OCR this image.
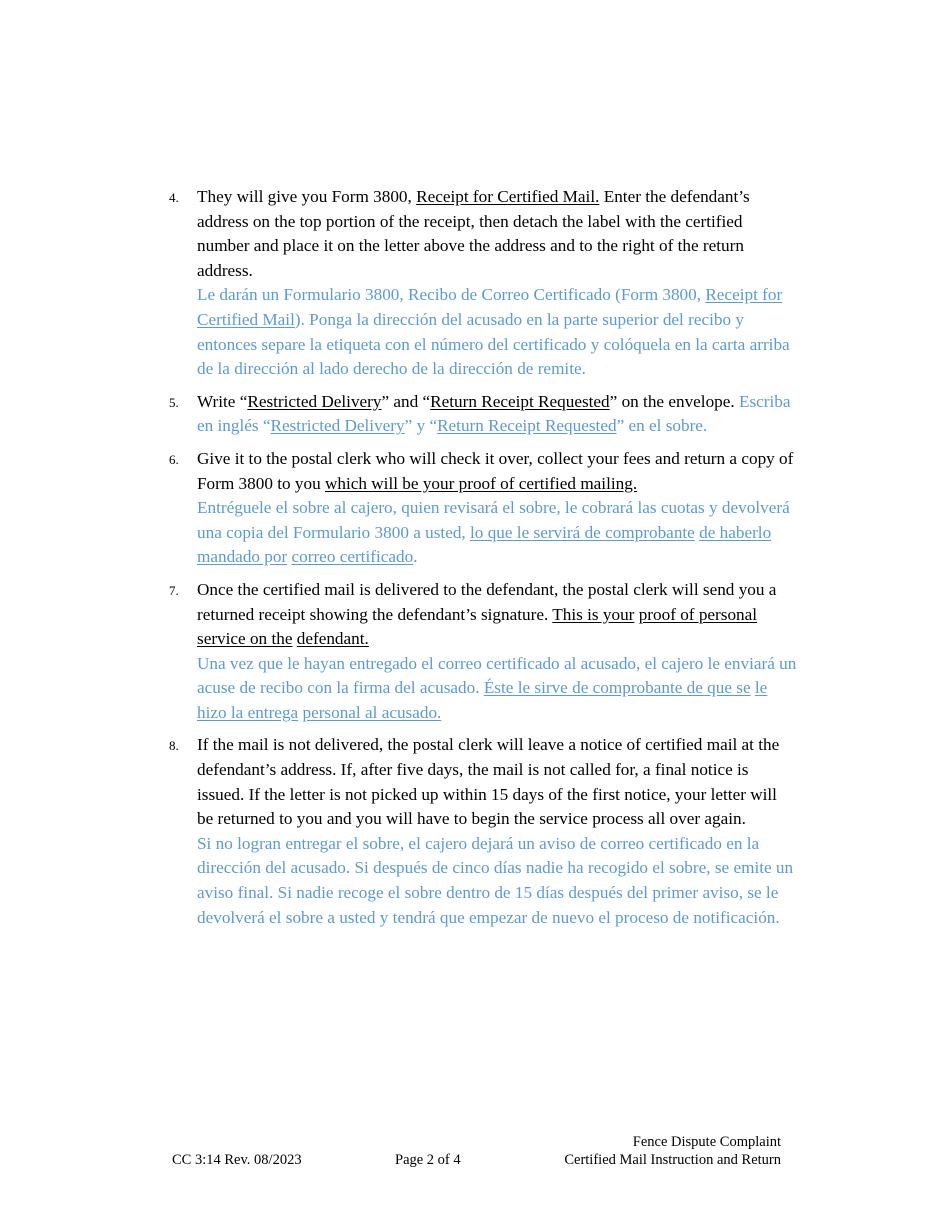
4. They will give you Form 3800, Receipt for Certified Mail. Enter the defendant’s address on the top portion of the receipt, then detach the label with the certified number and place it on the letter above the address and to the right of the return address.
Le darán un Formulario 3800, Recibo de Correo Certificado (Form 3800, Receipt for Certified Mail). Ponga la dirección del acusado en la parte superior del recibo y entonces separe la etiqueta con el número del certificado y colóquela en la carta arriba de la dirección al lado derecho de la dirección de remite.
5. Write “Restricted Delivery” and “Return Receipt Requested” on the envelope. Escriba en inglés “Restricted Delivery” y “Return Receipt Requested” en el sobre.
6. Give it to the postal clerk who will check it over, collect your fees and return a copy of Form 3800 to you which will be your proof of certified mailing.
Entréguele el sobre al cajero, quien revisará el sobre, le cobrará las cuotas y devolverá una copia del Formulario 3800 a usted, lo que le servirá de comprobante de haberlo mandado por correo certificado.
7. Once the certified mail is delivered to the defendant, the postal clerk will send you a returned receipt showing the defendant’s signature. This is your proof of personal service on the defendant.
Una vez que le hayan entregado el correo certificado al acusado, el cajero le enviará un acuse de recibo con la firma del acusado. Éste le sirve de comprobante de que se le hizo la entrega personal al acusado.
8. If the mail is not delivered, the postal clerk will leave a notice of certified mail at the defendant’s address. If, after five days, the mail is not called for, a final notice is issued. If the letter is not picked up within 15 days of the first notice, your letter will be returned to you and you will have to begin the service process all over again.
Si no logran entregar el sobre, el cajero dejará un aviso de correo certificado en la dirección del acusado. Si después de cinco días nadie ha recogido el sobre, se emite un aviso final. Si nadie recoge el sobre dentro de 15 días después del primer aviso, se le devolverá el sobre a usted y tendrá que empezar de nuevo el proceso de notificación.
CC 3:14 Rev. 08/2023	Page 2 of 4
Fence Dispute Complaint
Certified Mail Instruction and Return
